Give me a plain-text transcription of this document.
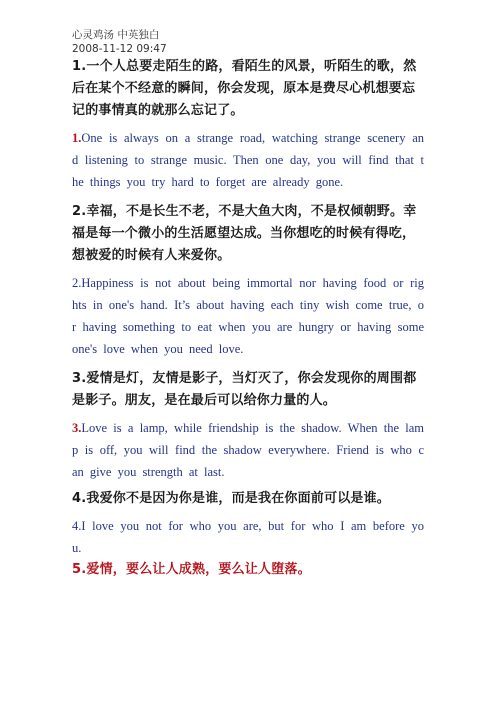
心灵鸡汤 中英独白
2008-11-12 09:47

1.一个人总要走陌生的路，看陌生的风景，听陌生的歌，然后在某个不经意的瞬间，你会发现，原本是费尽心机想要忘记的事情真的就那么忘记了。

1.One is always on a strange road, watching strange scenery and listening to strange music. Then one day, you will find that the things you try hard to forget are already gone.

2.幸福，不是长生不老，不是大鱼大肉，不是权倾朝野。幸福是每一个微小的生活愿望达成。当你想吃的时候有得吃，想被爱的时候有人来爱你。

2.Happiness is not about being immortal nor having food or rights in one's hand. It’s about having each tiny wish come true, or having something to eat when you are hungry or having someone's love when you need love.

3.爱情是灯，友情是影子，当灯灭了，你会发现你的周围都是影子。朋友，是在最后可以给你力量的人。

3.Love is a lamp, while friendship is the shadow. When the lamp is off, you will find the shadow everywhere. Friend is who can give you strength at last.

4.我爱你不是因为你是谁，而是我在你面前可以是谁。

4.I love you not for who you are, but for who I am before you.

5.爱情，要么让人成熟，要么让人堕落。
